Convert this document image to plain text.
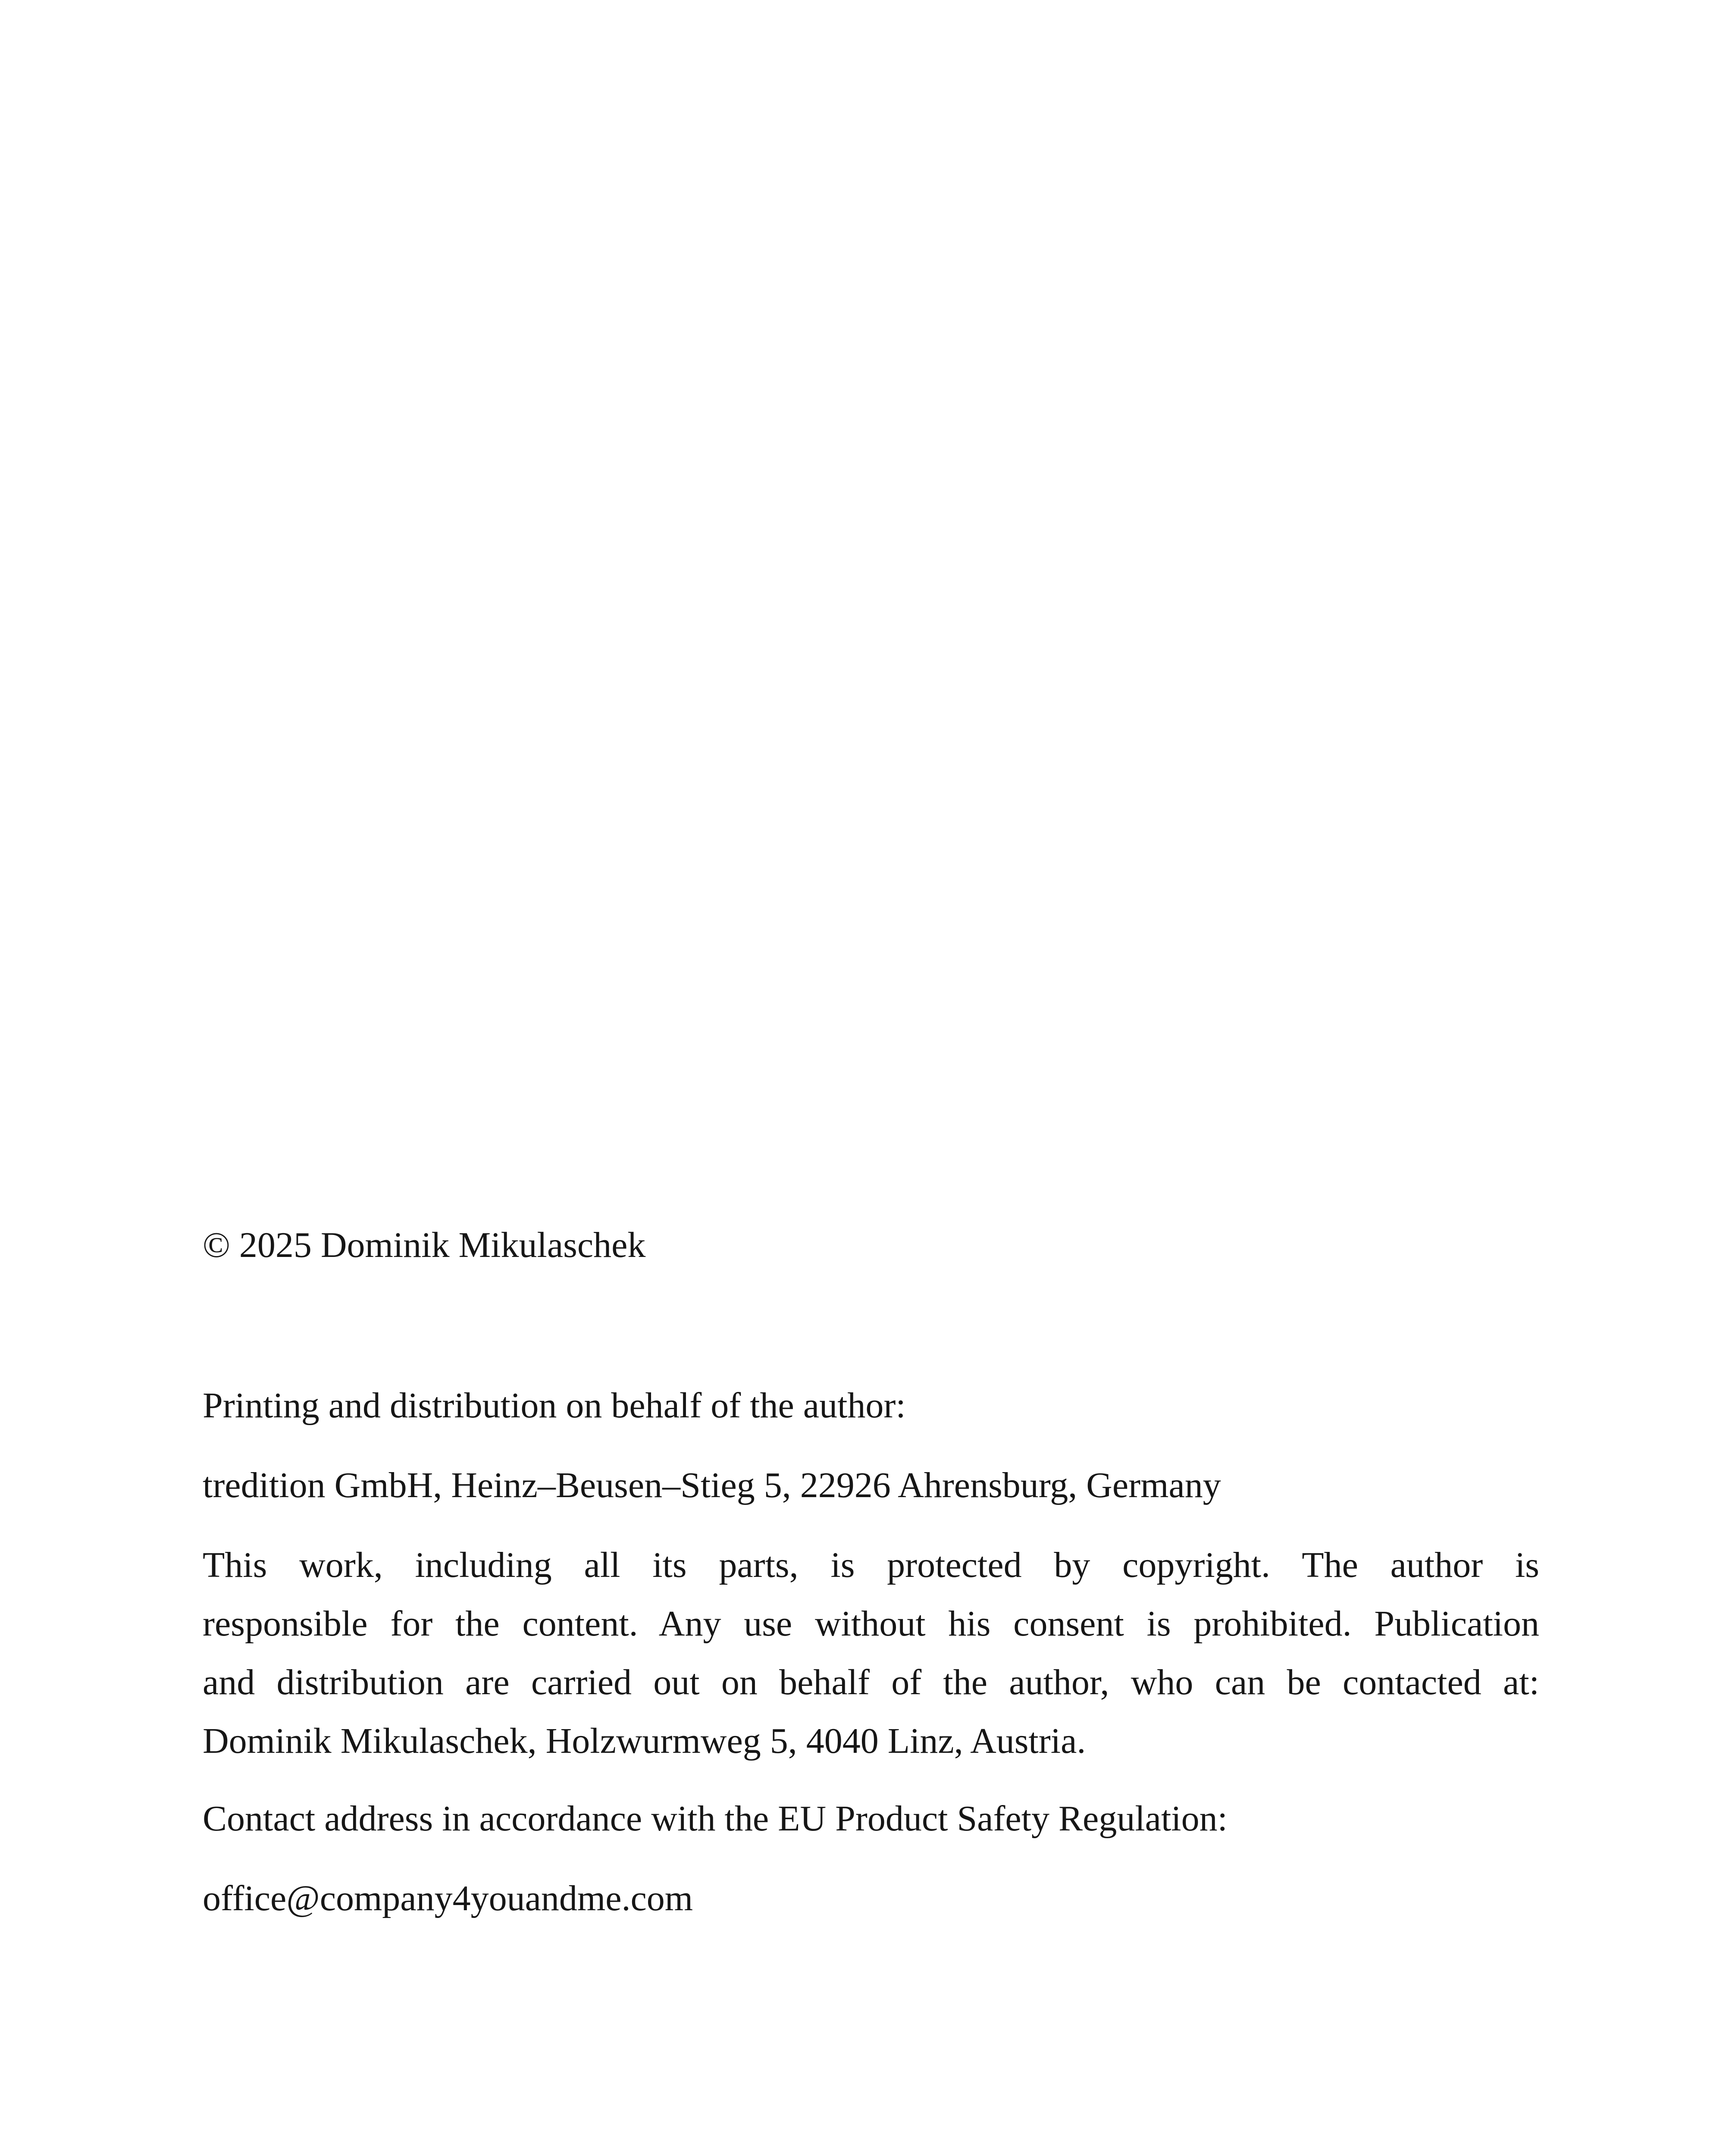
© 2025 Dominik Mikulaschek

Printing and distribution on behalf of the author:

tredition GmbH, Heinz–Beusen–Stieg 5, 22926 Ahrensburg, Germany

This work, including all its parts, is protected by copyright. The author is
responsible for the content. Any use without his consent is prohibited. Publication
and distribution are carried out on behalf of the author, who can be contacted at:
Dominik Mikulaschek, Holzwurmweg 5, 4040 Linz, Austria.

Contact address in accordance with the EU Product Safety Regulation:

office@company4youandme.com
